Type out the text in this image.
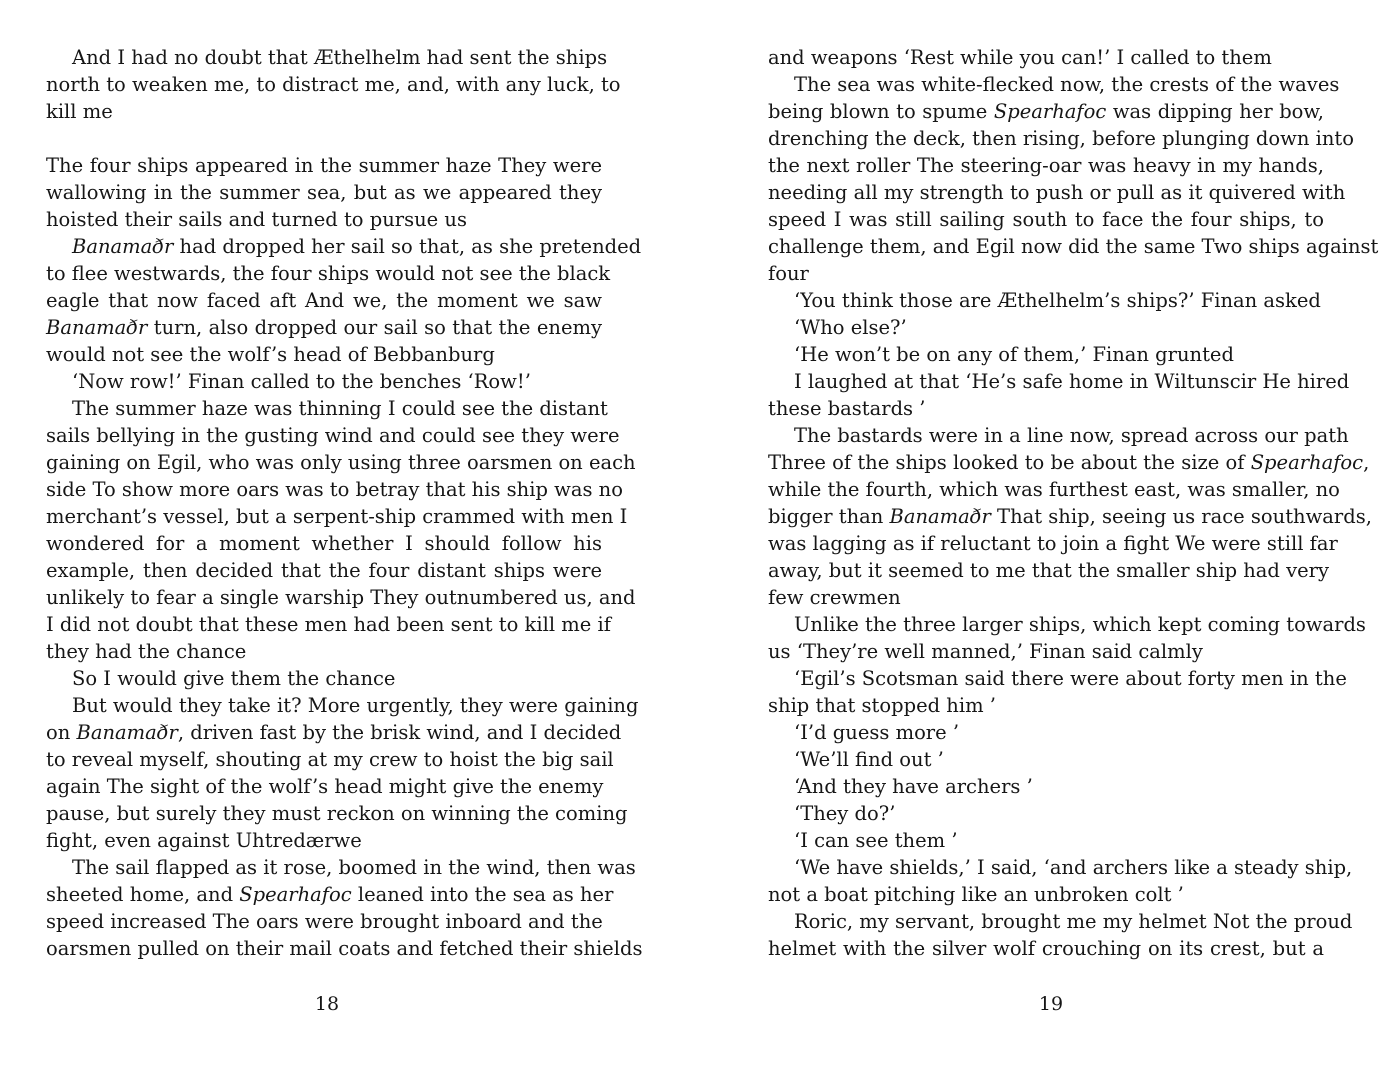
And I had no doubt that Æthelhelm had sent the ships
north to weaken me, to distract me, and, with any luck, to
kill me
The four ships appeared in the summer haze They were
wallowing in the summer sea, but as we appeared they
hoisted their sails and turned to pursue us
Banamaðr had dropped her sail so that, as she pretended
to flee westwards, the four ships would not see the black
eagle that now faced aft And we, the moment we saw
Banamaðr turn, also dropped our sail so that the enemy
would not see the wolf’s head of Bebbanburg
‘Now row!’ Finan called to the benches ‘Row!’
The summer haze was thinning I could see the distant
sails bellying in the gusting wind and could see they were
gaining on Egil, who was only using three oarsmen on each
side To show more oars was to betray that his ship was no
merchant’s vessel, but a serpent-ship crammed with men I
wondered for a moment whether I should follow his
example, then decided that the four distant ships were
unlikely to fear a single warship They outnumbered us, and
I did not doubt that these men had been sent to kill me if
they had the chance
So I would give them the chance
But would they take it? More urgently, they were gaining
on Banamaðr, driven fast by the brisk wind, and I decided
to reveal myself, shouting at my crew to hoist the big sail
again The sight of the wolf’s head might give the enemy
pause, but surely they must reckon on winning the coming
fight, even against Uhtredærwe
The sail flapped as it rose, boomed in the wind, then was
sheeted home, and Spearhafoc leaned into the sea as her
speed increased The oars were brought inboard and the
oarsmen pulled on their mail coats and fetched their shields
18
and weapons ‘Rest while you can!’ I called to them
The sea was white-flecked now, the crests of the waves
being blown to spume Spearhafoc was dipping her bow,
drenching the deck, then rising, before plunging down into
the next roller The steering-oar was heavy in my hands,
needing all my strength to push or pull as it quivered with
speed I was still sailing south to face the four ships, to
challenge them, and Egil now did the same Two ships against
four
‘You think those are Æthelhelm’s ships?’ Finan asked
‘Who else?’
‘He won’t be on any of them,’ Finan grunted
I laughed at that ‘He’s safe home in Wiltunscir He hired
these bastards ’
The bastards were in a line now, spread across our path
Three of the ships looked to be about the size of Spearhafoc,
while the fourth, which was furthest east, was smaller, no
bigger than Banamaðr That ship, seeing us race southwards,
was lagging as if reluctant to join a fight We were still far
away, but it seemed to me that the smaller ship had very
few crewmen
Unlike the three larger ships, which kept coming towards
us ‘They’re well manned,’ Finan said calmly
‘Egil’s Scotsman said there were about forty men in the
ship that stopped him ’
‘I’d guess more ’
‘We’ll find out ’
‘And they have archers ’
‘They do?’
‘I can see them ’
‘We have shields,’ I said, ‘and archers like a steady ship,
not a boat pitching like an unbroken colt ’
Roric, my servant, brought me my helmet Not the proud
helmet with the silver wolf crouching on its crest, but a
19
